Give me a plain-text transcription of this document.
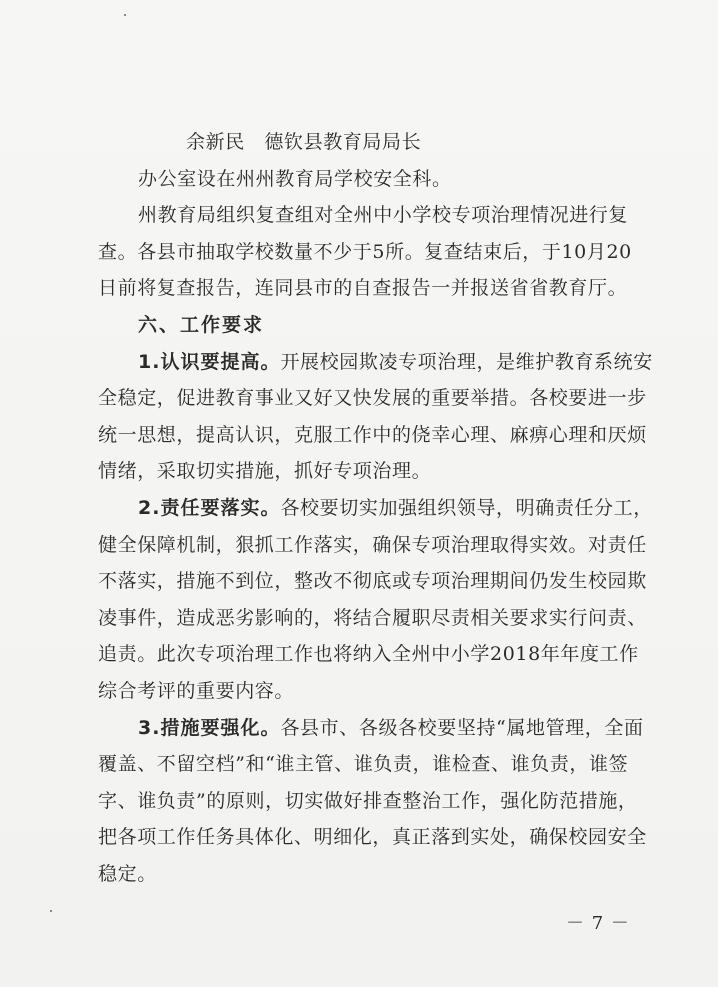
余新民　德钦县教育局局长
办公室设在州州教育局学校安全科。
州教育局组织复查组对全州中小学校专项治理情况进行复
查。各县市抽取学校数量不少于5所。复查结束后，于10月20
日前将复查报告，连同县市的自查报告一并报送省省教育厅。
六、工作要求
1.认识要提高。开展校园欺凌专项治理，是维护教育系统安
全稳定，促进教育事业又好又快发展的重要举措。各校要进一步
统一思想，提高认识，克服工作中的侥幸心理、麻痹心理和厌烦
情绪，采取切实措施，抓好专项治理。
2.责任要落实。各校要切实加强组织领导，明确责任分工，
健全保障机制，狠抓工作落实，确保专项治理取得实效。对责任
不落实，措施不到位，整改不彻底或专项治理期间仍发生校园欺
凌事件，造成恶劣影响的，将结合履职尽责相关要求实行问责、
追责。此次专项治理工作也将纳入全州中小学2018年年度工作
综合考评的重要内容。
3.措施要强化。各县市、各级各校要坚持“属地管理，全面
覆盖、不留空档”和“谁主管、谁负责，谁检查、谁负责，谁签
字、谁负责”的原则，切实做好排查整治工作，强化防范措施，
把各项工作任务具体化、明细化，真正落到实处，确保校园安全
稳定。
－ 7 －
